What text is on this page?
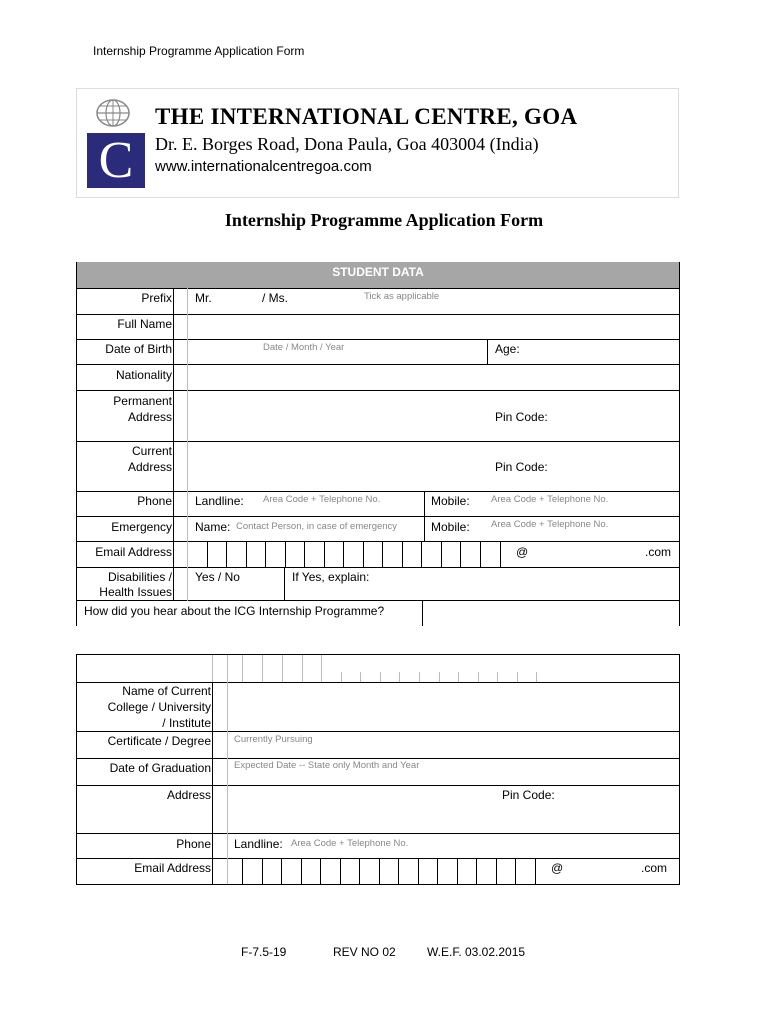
Internship Programme Application Form
C
THE INTERNATIONAL CENTRE, GOA
Dr. E. Borges Road, Dona Paula, Goa 403004 (India)
www.internationalcentregoa.com
Internship Programme Application Form
STUDENT DATA
Prefix Mr.	/ Ms.	Tick as applicable
Full Name
Date of Birth	Date / Month / Year	Age:
Nationality
Permanent
Address	Pin Code:
Current
Address	Pin Code:
Phone Landline: Area Code + Telephone No.	Mobile: Area Code + Telephone No.
Emergency Name: Contact Person, in case of emergency	Mobile: Area Code + Telephone No.
Email Address	@	.com
Disabilities /
Health Issues
Yes / No	If Yes, explain:
How did you hear about the ICG Internship Programme?
Name of Current
College / University
/ Institute
Certificate / Degree Currently Pursuing
Date of Graduation Expected Date -- State only Month and Year
Address	Pin Code:
Phone Landline: Area Code + Telephone No.
Email Address	@	.com
F-7.5-19	REV NO 02	W.E.F. 03.02.2015
